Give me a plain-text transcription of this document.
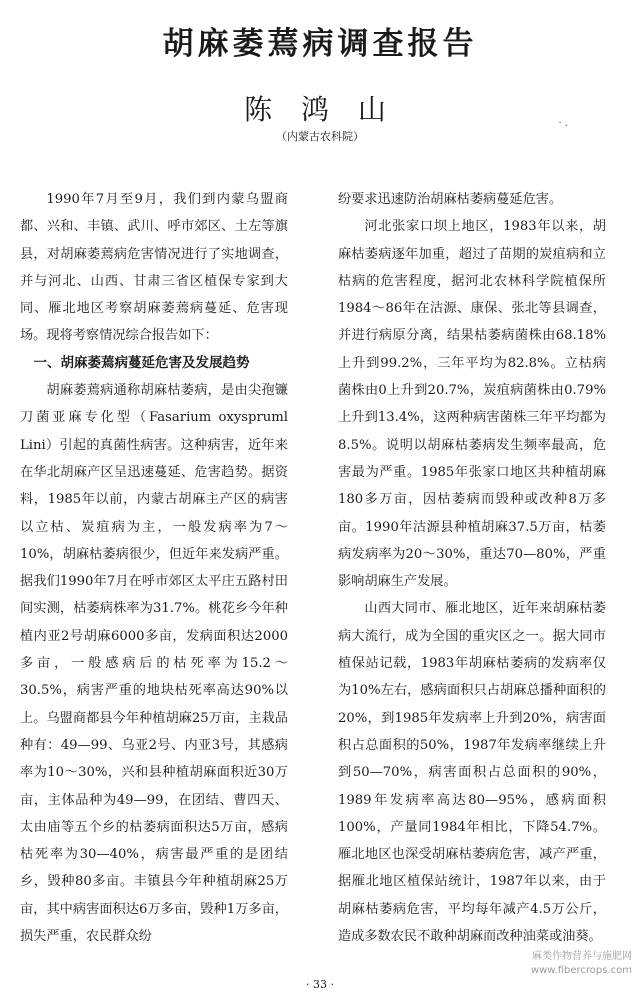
胡麻萎蔫病调查报告
陈 鸿 山
（内蒙古农科院）
· .

1990年7月至9月，我们到内蒙乌盟商都、兴和、丰镇、武川、呼市郊区、土左等旗县，对胡麻萎蔫病危害情况进行了实地调查，并与河北、山西、甘肃三省区植保专家到大同、雁北地区考察胡麻萎蔫病蔓延、危害现场。现将考察情况综合报告如下：

一、胡麻萎蔫病蔓延危害及发展趋势

胡麻萎蔫病通称胡麻枯萎病，是由尖孢镰刀菌亚麻专化型（Fasarium oxyspruml Lini）引起的真菌性病害。这种病害，近年来在华北胡麻产区呈迅速蔓延、危害趋势。据资料，1985年以前，内蒙古胡麻主产区的病害以立枯、炭疽病为主，一般发病率为7～10%，胡麻枯萎病很少，但近年来发病严重。据我们1990年7月在呼市郊区太平庄五路村田间实测，枯萎病株率为31.7%。桃花乡今年种植内亚2号胡麻6000多亩，发病面积达2000多亩，一般感病后的枯死率为15.2～30.5%，病害严重的地块枯死率高达90%以上。乌盟商都县今年种植胡麻25万亩，主栽品种有：49—99、乌亚2号、内亚3号，其感病率为10～30%，兴和县种植胡麻面积近30万亩，主体品种为49—99，在团结、曹四天、太由庙等五个乡的枯萎病面积达5万亩，感病枯死率为30—40%，病害最严重的是团结乡，毁种80多亩。丰镇县今年种植胡麻25万亩，其中病害面积达6万多亩，毁种1万多亩，损失严重，农民群众纷

纷要求迅速防治胡麻枯萎病蔓延危害。

河北张家口坝上地区，1983年以来，胡麻枯萎病逐年加重，超过了苗期的炭疽病和立枯病的危害程度，据河北农林科学院植保所1984～86年在沽源、康保、张北等县调查，并进行病原分离，结果枯萎病菌株由68.18%上升到99.2%，三年平均为82.8%。立枯病菌株由0上升到20.7%，炭疽病菌株由0.79%上升到13.4%，这两种病害菌株三年平均都为8.5%。说明以胡麻枯萎病发生频率最高，危害最为严重。1985年张家口地区共种植胡麻180多万亩，因枯萎病而毁种或改种8万多亩。1990年沽源县种植胡麻37.5万亩，枯萎病发病率为20～30%，重达70—80%，严重影响胡麻生产发展。

山西大同市、雁北地区，近年来胡麻枯萎病大流行，成为全国的重灾区之一。据大同市植保站记载，1983年胡麻枯萎病的发病率仅为10%左右，感病面积只占胡麻总播种面积的20%，到1985年发病率上升到20%，病害面积占总面积的50%，1987年发病率继续上升到50—70%，病害面积占总面积的90%，1989年发病率高达80—95%，感病面积100%，产量同1984年相比，下降54.7%。雁北地区也深受胡麻枯萎病危害，减产严重，据雁北地区植保站统计，1987年以来，由于胡麻枯萎病危害，平均每年减产4.5万公斤，造成多数农民不敢种胡麻而改种油菜或油葵。

· 33 ·
麻类作物营养与施肥网
www.fibercrops.com
